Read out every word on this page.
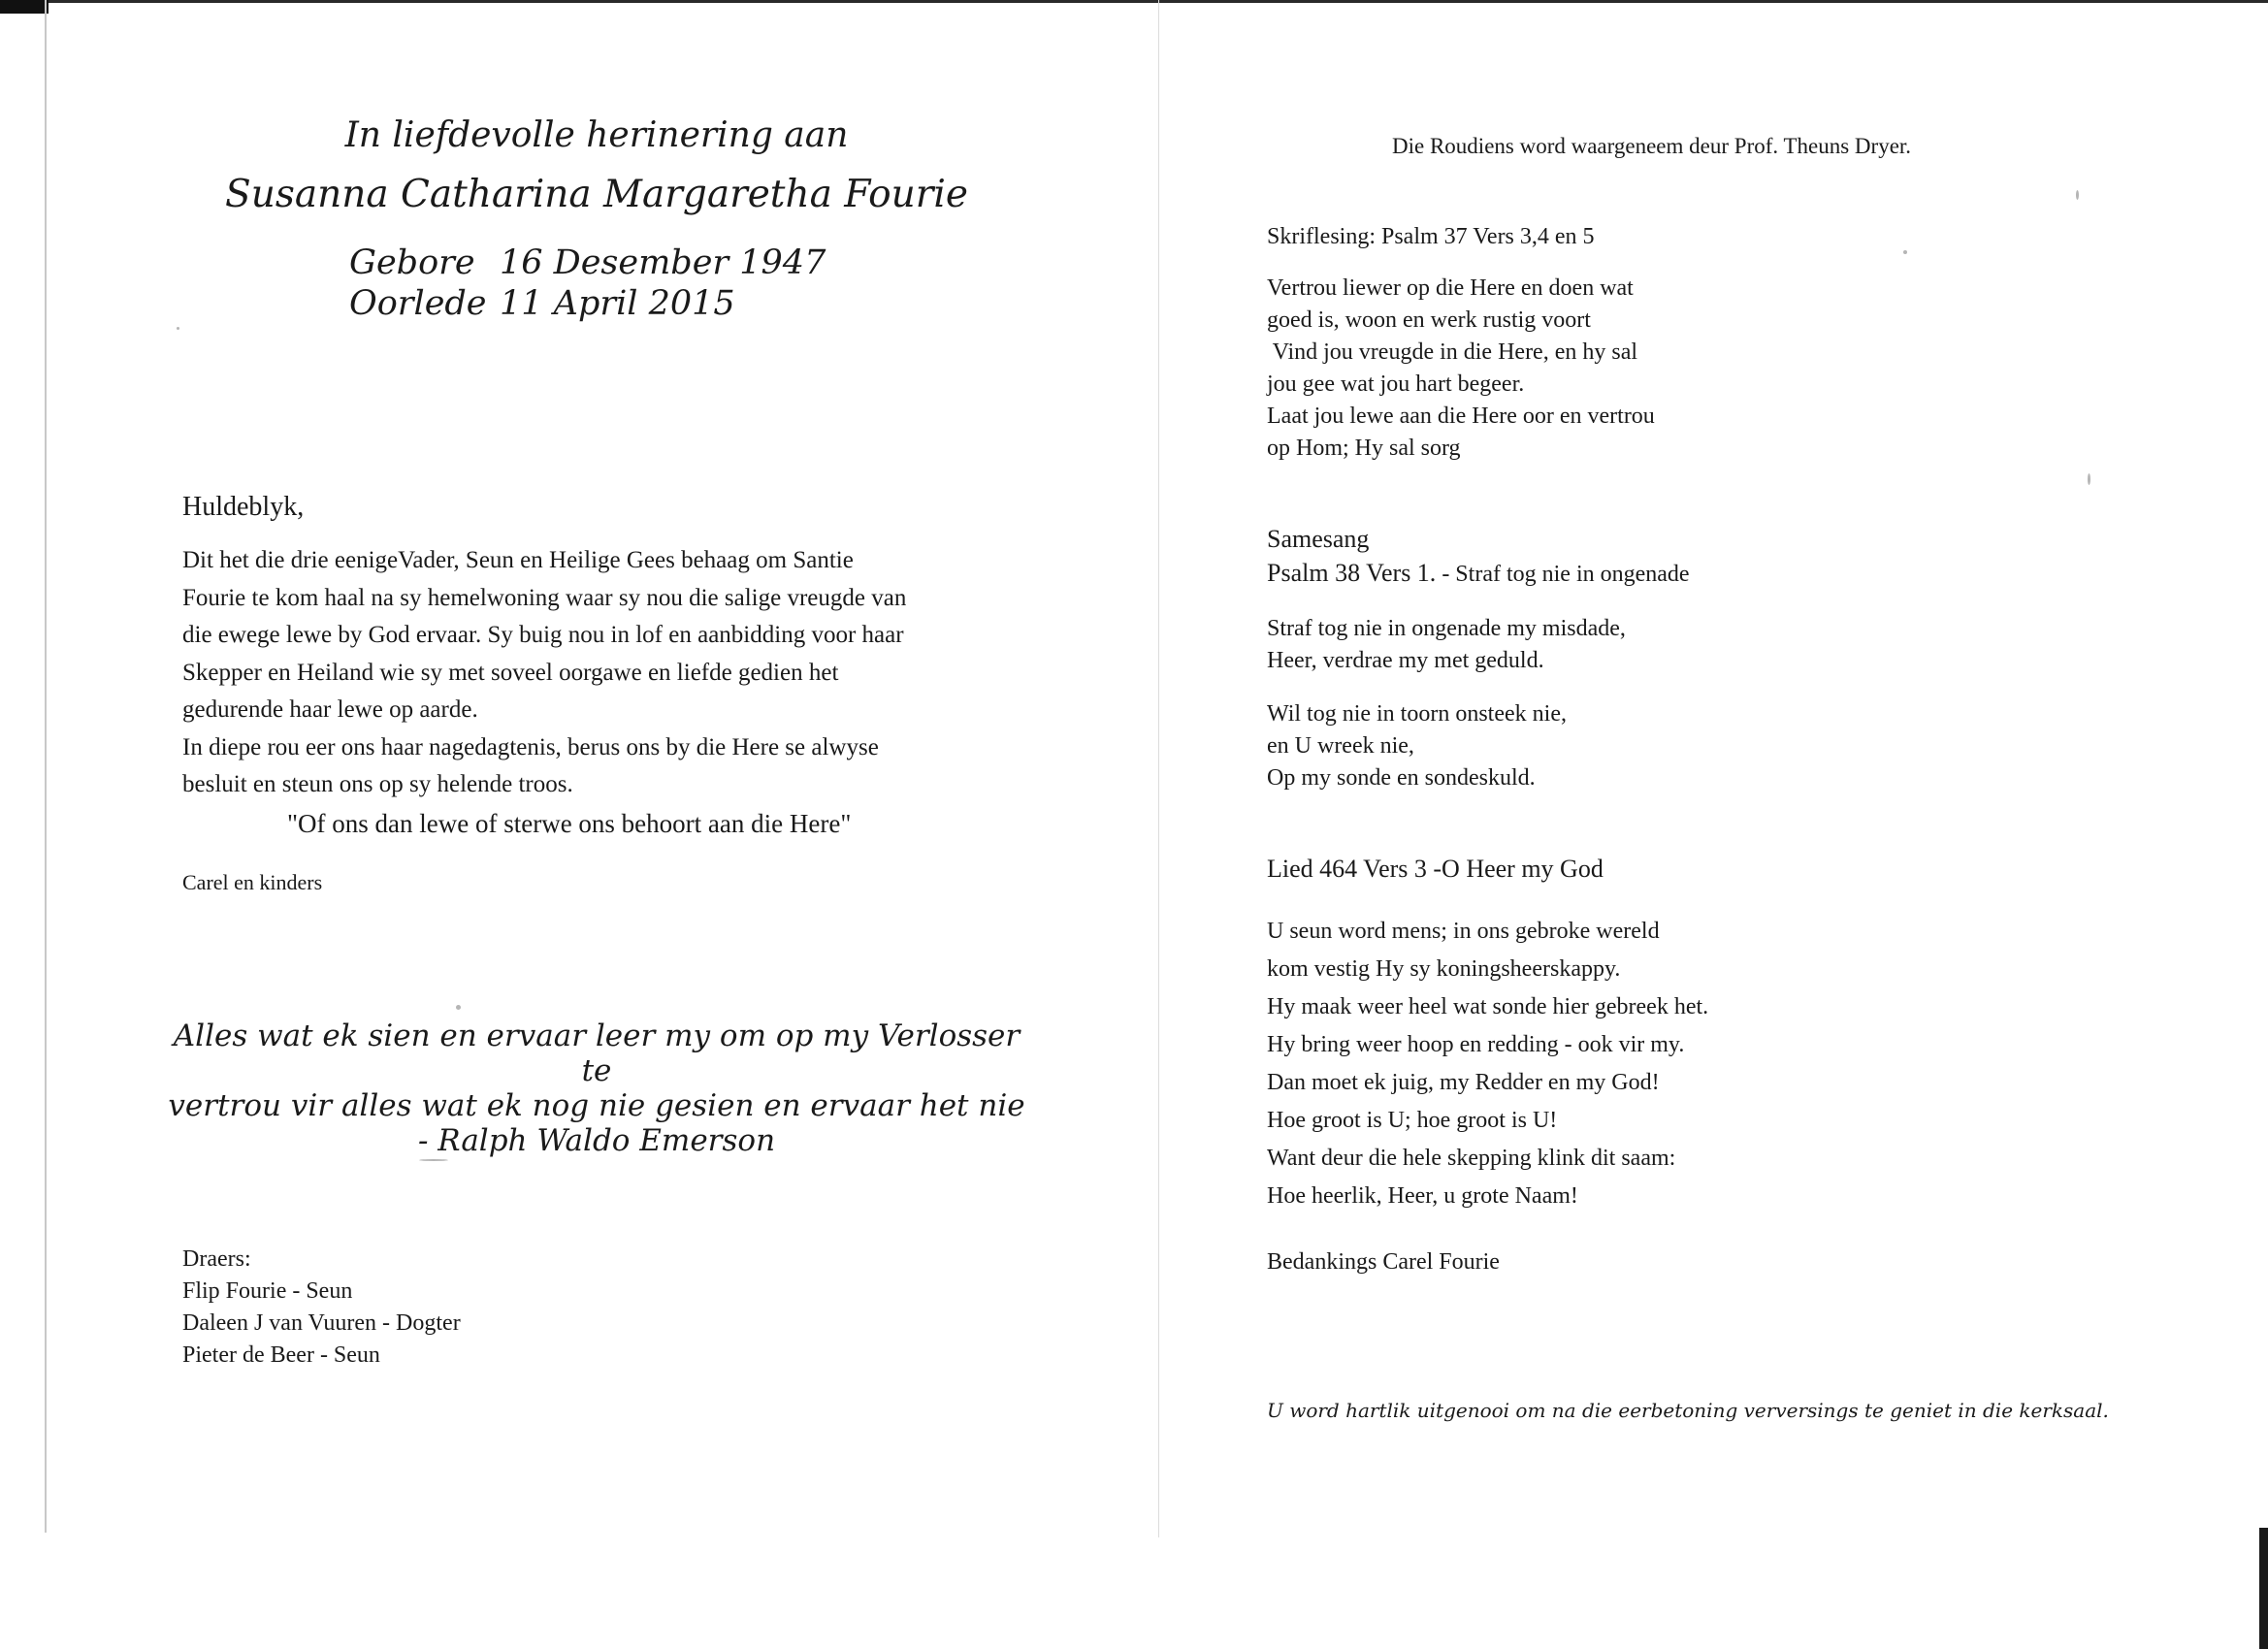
In liefdevolle herinering aan
Susanna Catharina Margaretha Fourie
Gebore 16 Desember 1947
Oorlede 11 April 2015
Huldeblyk,

Dit het die drie eenigeVader, Seun en Heilige Gees behaag om Santie

Fourie te kom haal na sy hemelwoning waar sy nou die salige vreugde van

die ewege lewe by God ervaar. Sy buig nou in lof en aanbidding voor haar

Skepper en Heiland wie sy met soveel oorgawe en liefde gedien het

gedurende haar lewe op aarde.

In diepe rou eer ons haar nagedagtenis, berus ons by die Here se alwyse

besluit en steun ons op sy helende troos.

"Of ons dan lewe of sterwe ons behoort aan die Here"
Carel en kinders
Alles wat ek sien en ervaar leer my om op my Verlosser te
vertrou vir alles wat ek nog nie gesien en ervaar het nie
- Ralph Waldo Emerson
Draers:
Flip Fourie - Seun
Daleen J van Vuuren - Dogter
Pieter de Beer - Seun
Die Roudiens word waargeneem deur Prof. Theuns Dryer.
Skriflesing: Psalm 37 Vers 3,4 en 5
Vertrou liewer op die Here en doen wat
goed is, woon en werk rustig voort
Vind jou vreugde in die Here, en hy sal
jou gee wat jou hart begeer.
Laat jou lewe aan die Here oor en vertrou
op Hom; Hy sal sorg
Samesang
Psalm 38 Vers 1. - Straf tog nie in ongenade
Straf tog nie in ongenade my misdade,
Heer, verdrae my met geduld.
Wil tog nie in toorn onsteek nie,
en U wreek nie,
Op my sonde en sondeskuld.
Lied 464 Vers 3 -O Heer my God
U seun word mens; in ons gebroke wereld
kom vestig Hy sy koningsheerskappy.
Hy maak weer heel wat sonde hier gebreek het.
Hy bring weer hoop en redding - ook vir my.
Dan moet ek juig, my Redder en my God!
Hoe groot is U; hoe groot is U!
Want deur die hele skepping klink dit saam:
Hoe heerlik, Heer, u grote Naam!
Bedankings Carel Fourie
U word hartlik uitgenooi om na die eerbetoning verversings te geniet in die kerksaal.
